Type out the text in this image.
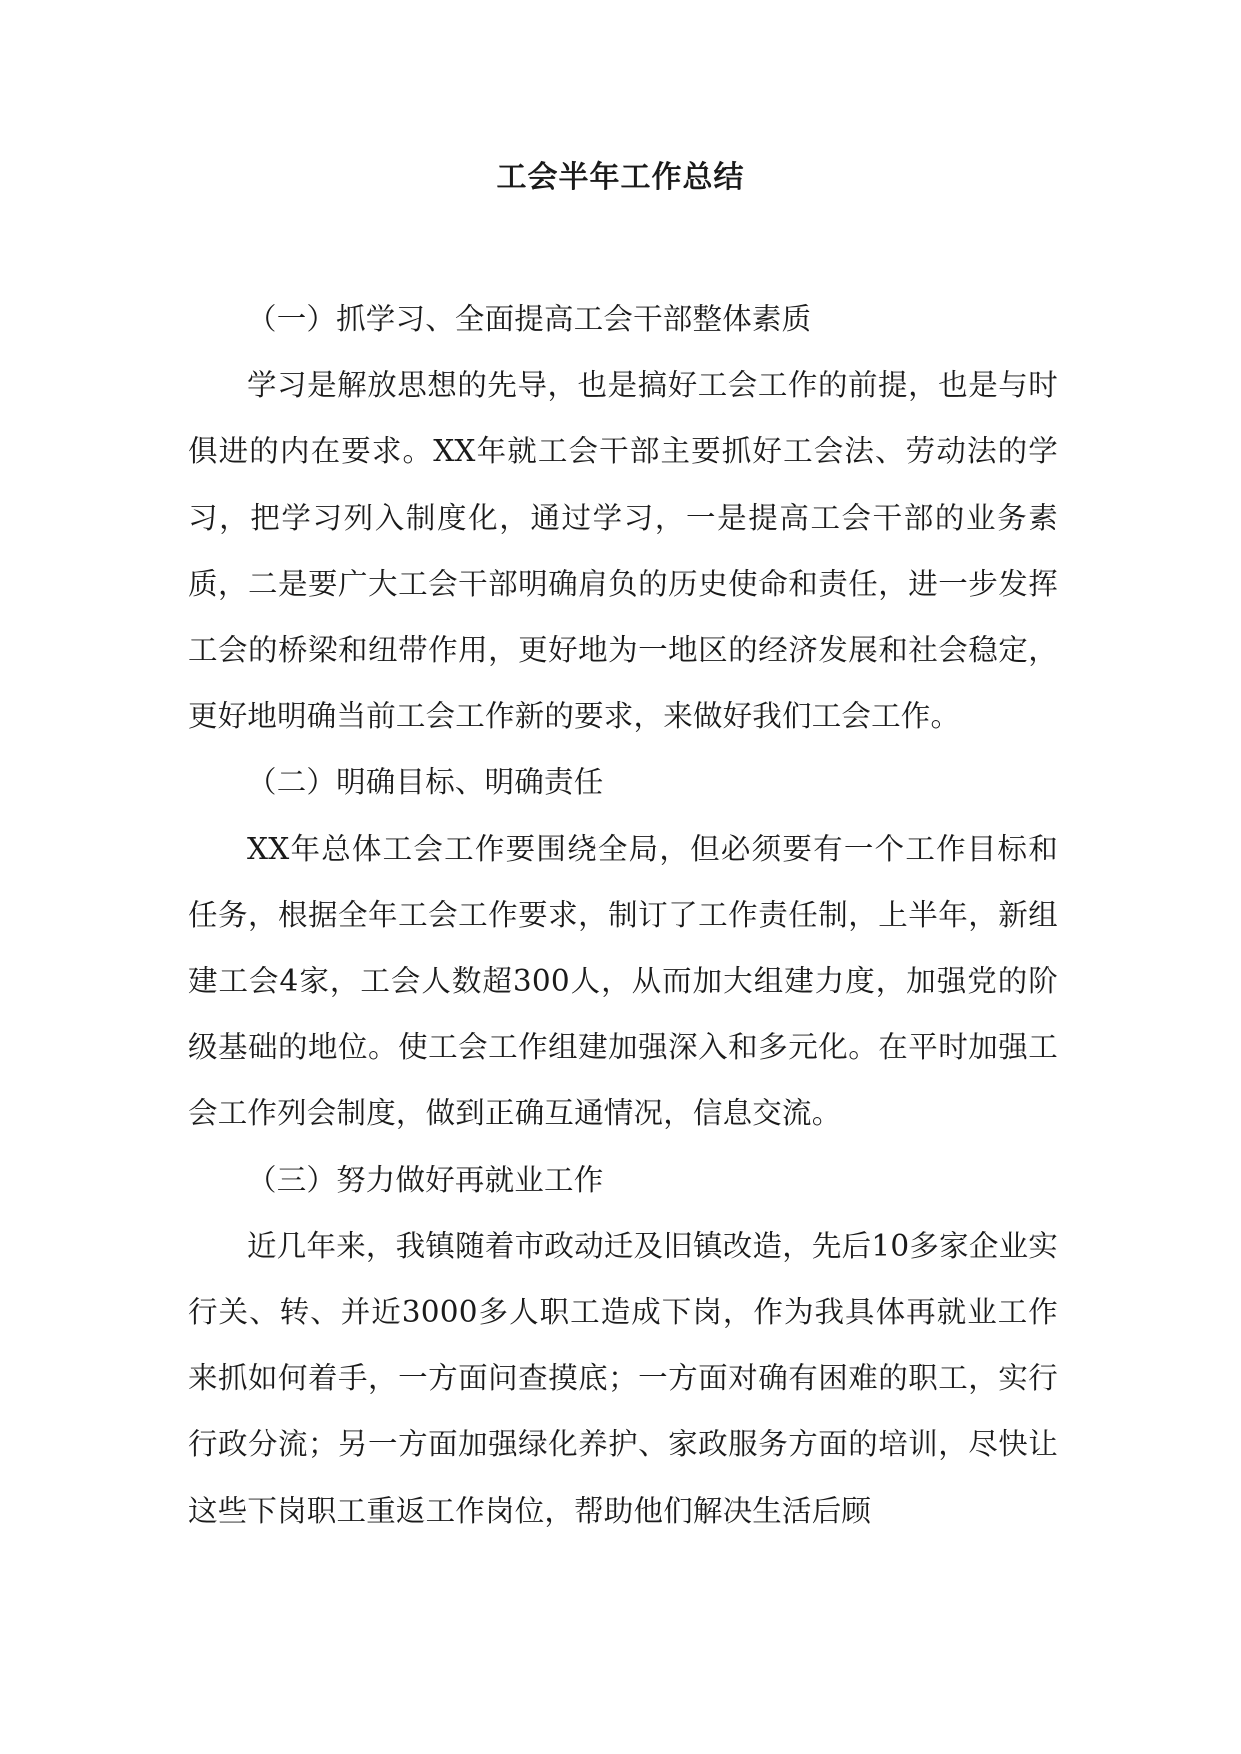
工会半年工作总结

（一）抓学习、全面提高工会干部整体素质

学习是解放思想的先导，也是搞好工会工作的前提，也是与时俱进的内在要求。XX年就工会干部主要抓好工会法、劳动法的学习，把学习列入制度化，通过学习，一是提高工会干部的业务素质，二是要广大工会干部明确肩负的历史使命和责任，进一步发挥工会的桥梁和纽带作用，更好地为一地区的经济发展和社会稳定，更好地明确当前工会工作新的要求，来做好我们工会工作。

（二）明确目标、明确责任

XX年总体工会工作要围绕全局，但必须要有一个工作目标和任务，根据全年工会工作要求，制订了工作责任制，上半年，新组建工会4家，工会人数超300人，从而加大组建力度，加强党的阶级基础的地位。使工会工作组建加强深入和多元化。在平时加强工会工作列会制度，做到正确互通情况，信息交流。

（三）努力做好再就业工作

近几年来，我镇随着市政动迁及旧镇改造，先后10多家企业实行关、转、并近3000多人职工造成下岗，作为我具体再就业工作来抓如何着手，一方面问查摸底；一方面对确有困难的职工，实行行政分流；另一方面加强绿化养护、家政服务方面的培训，尽快让这些下岗职工重返工作岗位，帮助他们解决生活后顾
